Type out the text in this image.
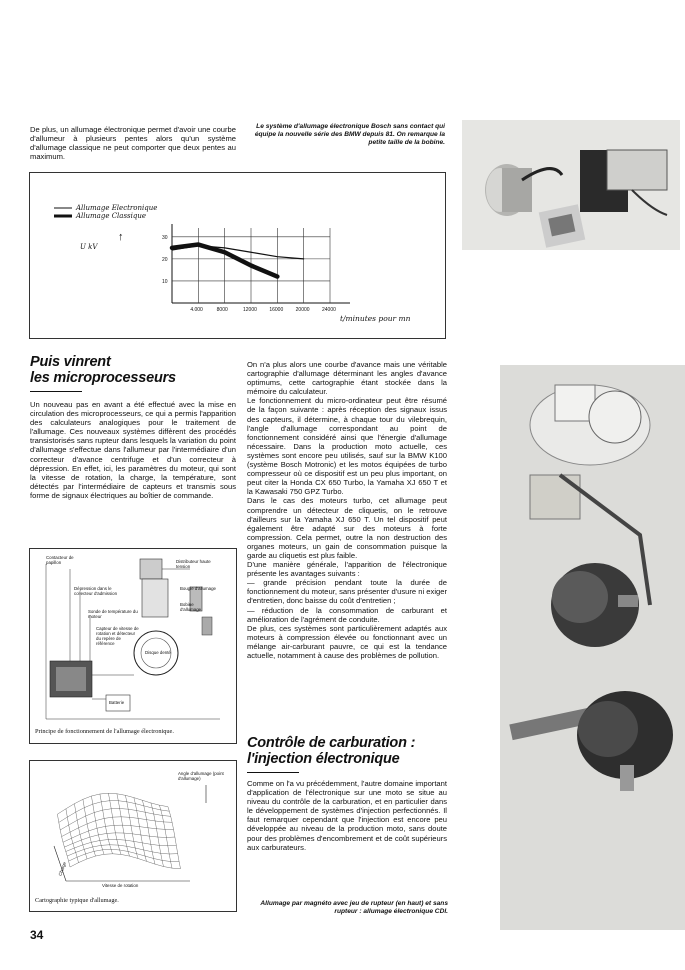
De plus, un allumage électronique permet d'avoir une courbe d'allumeur à plusieurs pentes alors qu'un système d'allumage classique ne peut comporter que deux pentes au maximum.
Le système d'allumage électronique Bosch sans contact qui équipe la nouvelle série des BMW depuis 81. On remarque la petite taille de la bobine.
Allumage Electronique
Allumage Classique
U kV
↑
t/minutes pour mn
4.000	8000	12000 16000 20000 24000
10
20
30
Puis vinrent
les microprocesseurs
Un nouveau pas en avant a été effectué avec la mise en circulation des microprocesseurs, ce qui a permis l'apparition des calculateurs analogiques pour le traitement de l'allumage. Ces nouveaux systèmes diffèrent des procédés transistorisés sans rupteur dans lesquels la variation du point d'allumage s'effectue dans l'allumeur par l'intermédiaire d'un correcteur d'avance centrifuge et d'un correcteur à dépression. En effet, ici, les paramètres du moteur, qui sont la vitesse de rotation, la charge, la température, sont détectés par l'intermédiaire de capteurs et transmis sous forme de signaux électriques au boîtier de commande.
Contacteur de papillon	Distributeur haute tension
Dépression dans le collecteur d'admission
Bougie d'allumage
Sonde de température du moteur
Bobine d'allumage
Capteur de vitesse de rotation et détecteur du repère de référence
Disque denté
Batterie
Principe de fonctionnement de l'allumage électronique.
Angle d'allumage (point d'allumage)
Vitesse de rotation
Charge
Cartographie typique d'allumage.
On n'a plus alors une courbe d'avance mais une véritable cartographie d'allumage déterminant les angles d'avance optimums, cette cartographie étant stockée dans la mémoire du calculateur.
Le fonctionnement du micro-ordinateur peut être résumé de la façon suivante : après réception des signaux issus des capteurs, il détermine, à chaque tour du vilebrequin, l'angle d'allumage correspondant au point de fonctionnement considéré ainsi que l'énergie d'allumage nécessaire. Dans la production moto actuelle, ces systèmes sont encore peu utilisés, sauf sur la BMW K100 (système Bosch Motronic) et les motos équipées de turbo compresseur où ce dispositif est un peu plus important, on peut citer la Honda CX 650 Turbo, la Yamaha XJ 650 T et la Kawasaki 750 GPZ Turbo.
Dans le cas des moteurs turbo, cet allumage peut comprendre un détecteur de cliquetis, on le retrouve d'ailleurs sur la Yamaha XJ 650 T. Un tel dispositif peut également être adapté sur des moteurs à forte compression. Cela permet, outre la non destruction des organes moteurs, un gain de consommation puisque la garde au cliquetis est plus faible.
D'une manière générale, l'apparition de l'électronique présente les avantages suivants :
— grande précision pendant toute la durée de fonctionnement du moteur, sans présenter d'usure ni exiger d'entretien, donc baisse du coût d'entretien ;
— réduction de la consommation de carburant et amélioration de l'agrément de conduite.
De plus, ces systèmes sont particulièrement adaptés aux moteurs à compression élevée ou fonctionnant avec un mélange air-carburant pauvre, ce qui est la tendance actuelle, notamment à cause des problèmes de pollution.
Contrôle de carburation :
l'injection électronique
Comme on l'a vu précédemment, l'autre domaine important d'application de l'électronique sur une moto se situe au niveau du contrôle de la carburation, et en particulier dans le développement de systèmes d'injection perfectionnés. Il faut remarquer cependant que l'injection est encore peu développée au niveau de la production moto, sans doute pour des problèmes d'encombrement et de coût supérieurs aux carburateurs.
Allumage par magnéto avec jeu de rupteur (en haut) et sans rupteur : allumage électronique CDI.
34
